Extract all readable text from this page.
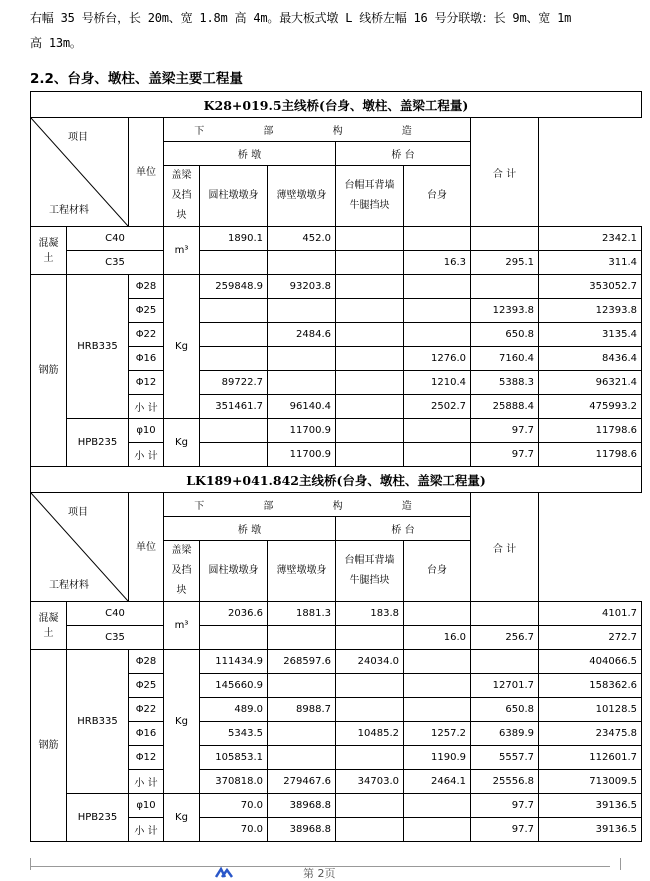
右幅 35 号桥台，长 20m、宽 1.8m 高 4m。最大板式墩 L 线桥左幅 16 号分联墩：长 9m、宽 1m
高 13m。
2.2、台身、墩柱、盖梁主要工程量
K28+019.5主线桥(台身、墩柱、盖梁工程量)									

项目
工程材料		单位	下 部 构 造					合 计	
			桥 墩			桥 台			
			盖梁及挡块	圆柱墩墩身	薄壁墩墩身	台帽耳背墙牛腿挡块	台身		
混凝土	C40		m³	1890.1	452.0				2342.1
	C35						16.3	295.1	311.4
钢筋	HRB335	Φ28	Kg	259848.9	93203.8				353052.7
		Φ25						12393.8	12393.8
		Φ22			2484.6			650.8	3135.4
		Φ16					1276.0	7160.4	8436.4
		Φ12		89722.7			1210.4	5388.3	96321.4
		小 计		351461.7	96140.4		2502.7	25888.4	475993.2
	HPB235	φ10	Kg		11700.9			97.7	11798.6
		小 计			11700.9			97.7	11798.6
LK189+041.842主线桥(台身、墩柱、盖梁工程量)									

项目
工程材料		单位	下 部 构 造					合 计	
			桥 墩			桥 台			
			盖梁及挡块	圆柱墩墩身	薄壁墩墩身	台帽耳背墙牛腿挡块	台身		
混凝土	C40		m³	2036.6	1881.3	183.8			4101.7
	C35						16.0	256.7	272.7
钢筋	HRB335	Φ28	Kg	111434.9	268597.6	24034.0			404066.5
		Φ25		145660.9				12701.7	158362.6
		Φ22		489.0	8988.7			650.8	10128.5
		Φ16		5343.5		10485.2	1257.2	6389.9	23475.8
		Φ12		105853.1			1190.9	5557.7	112601.7
		小 计		370818.0	279467.6	34703.0	2464.1	25556.8	713009.5
	HPB235	φ10	Kg	70.0	38968.8			97.7	39136.5
		小 计		70.0	38968.8			97.7	39136.5
第 2页
